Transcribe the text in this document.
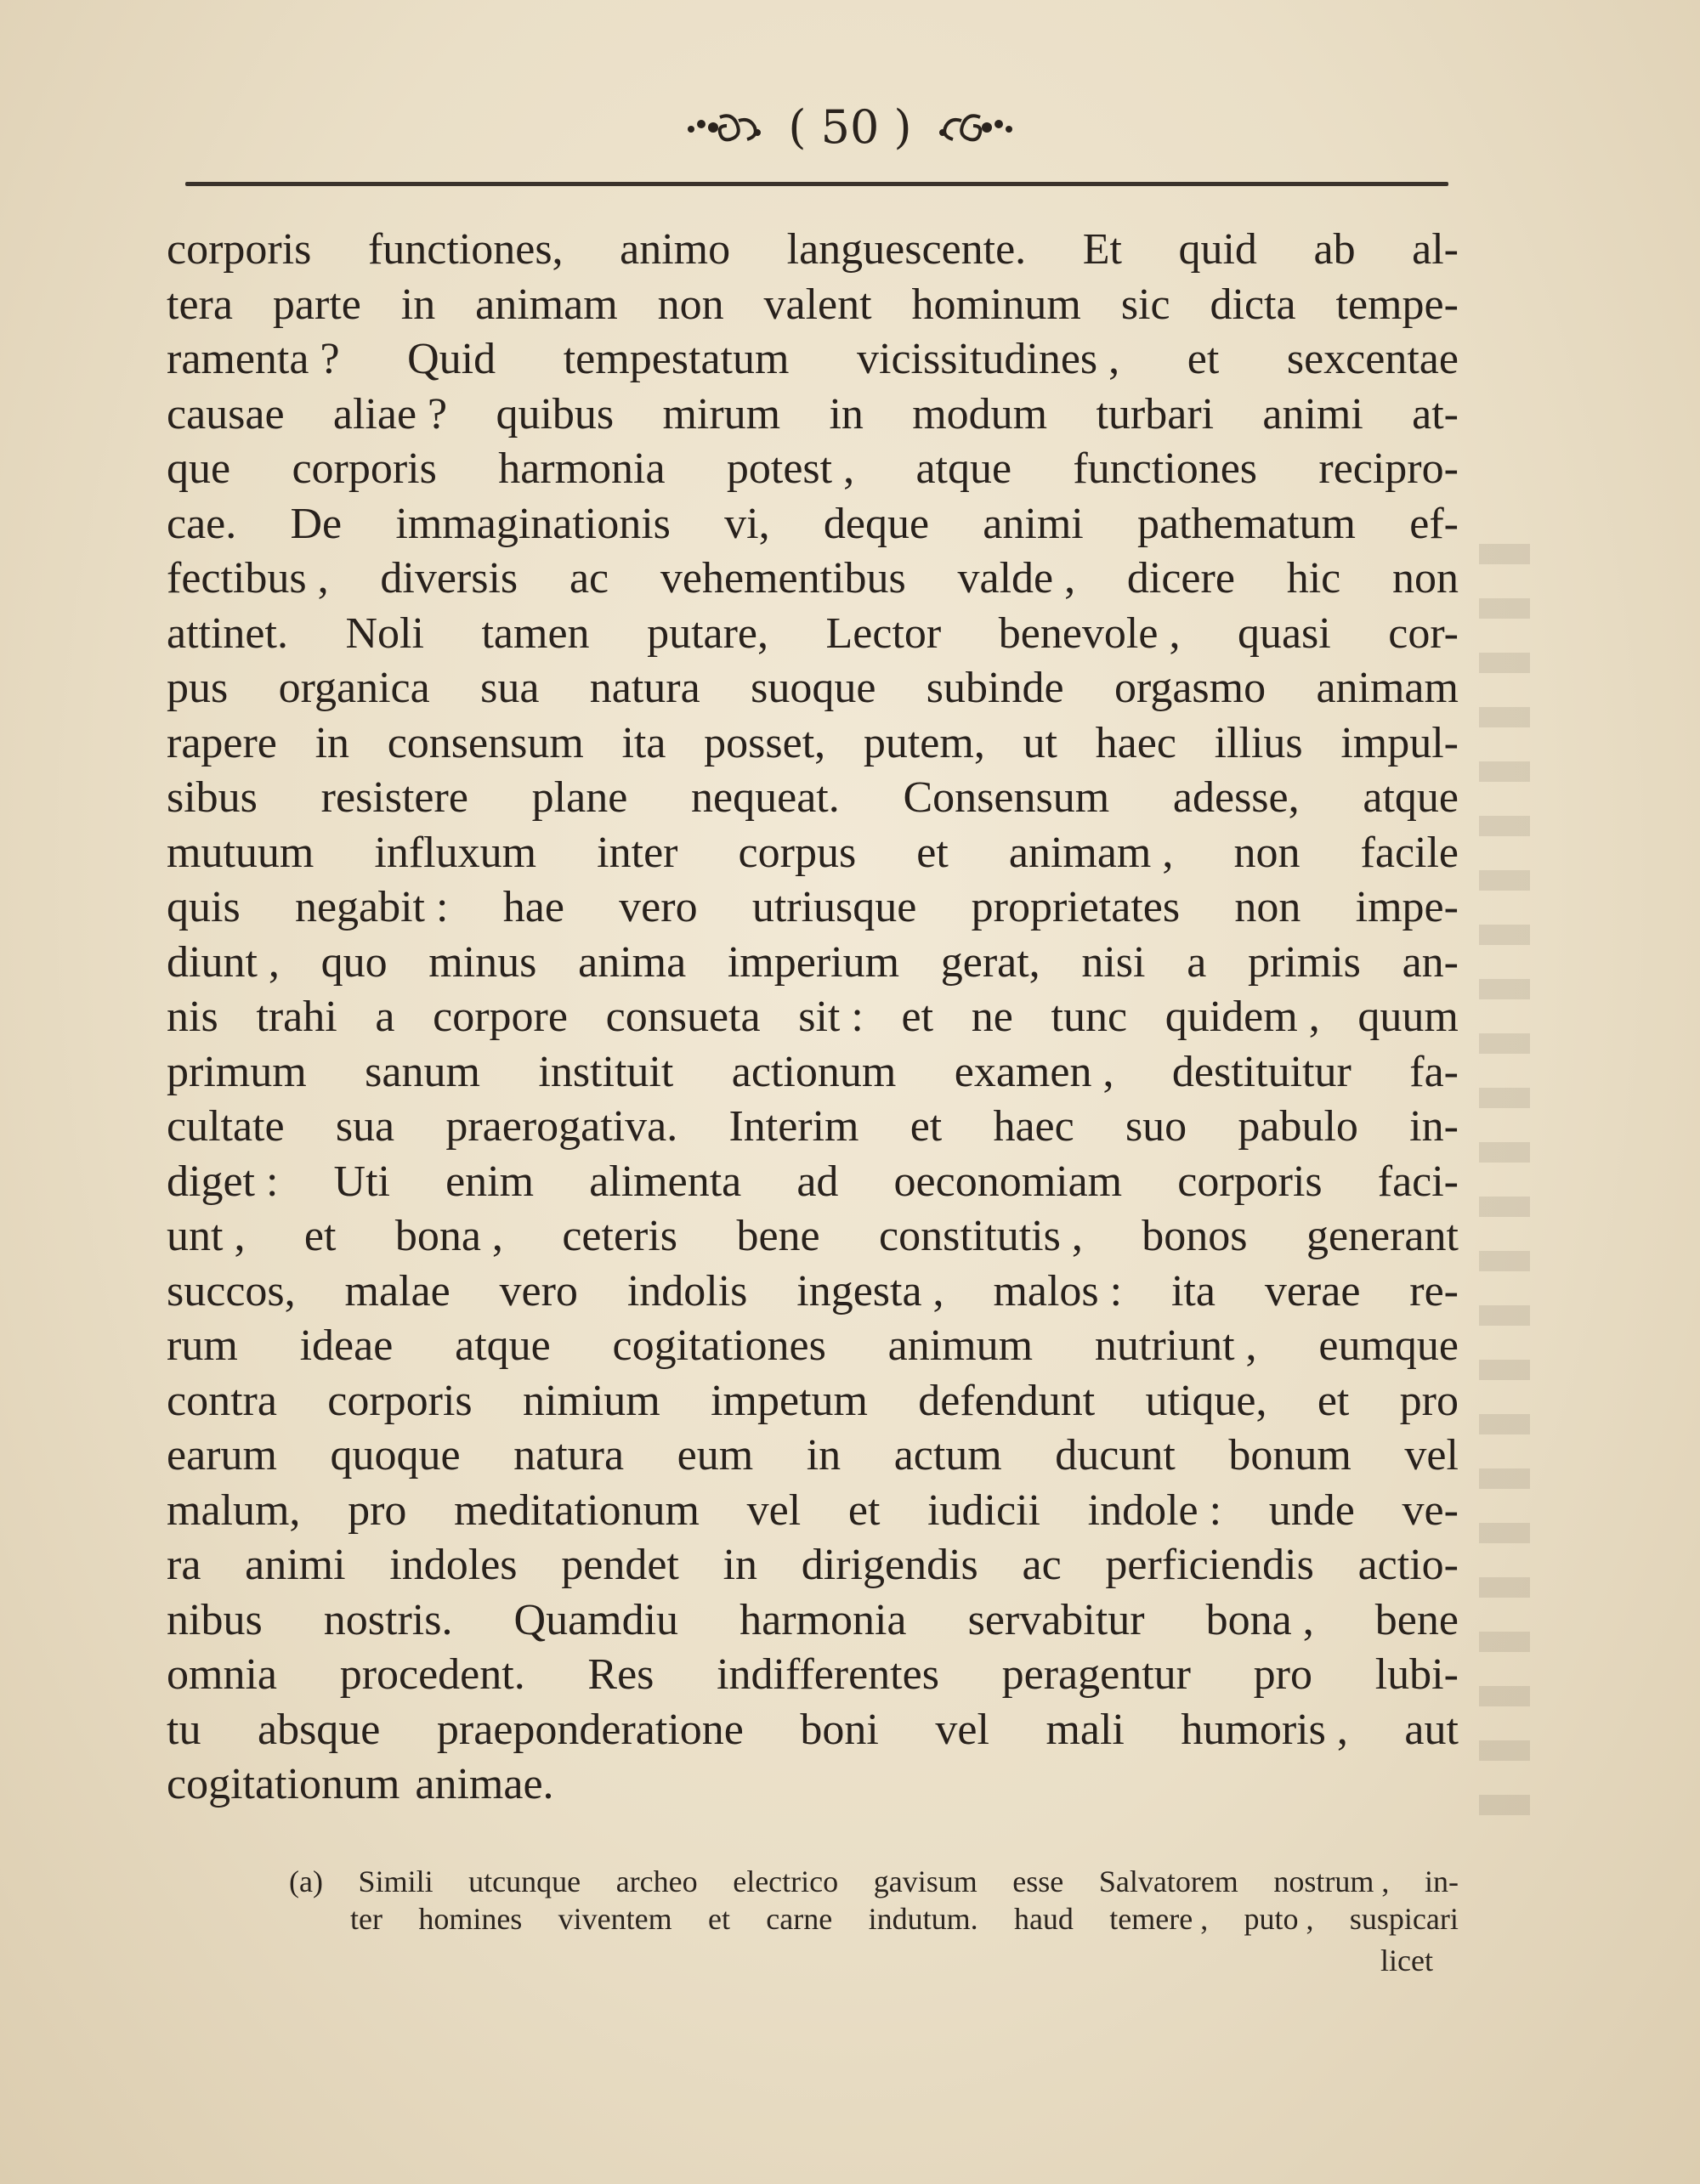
( 50 )
corporis functiones, animo languescente. Et quid ab al-
tera parte in animam non valent hominum sic dicta tempe-
ramenta ? Quid tempestatum vicissitudines , et sexcentae
causae aliae ? quibus mirum in modum turbari animi at-
que corporis harmonia potest , atque functiones recipro-
cae. De immaginationis vi, deque animi pathematum ef-
fectibus , diversis ac vehementibus valde , dicere hic non
attinet. Noli tamen putare, Lector benevole , quasi cor-
pus organica sua natura suoque subinde orgasmo animam
rapere in consensum ita posset, putem, ut haec illius impul-
sibus resistere plane nequeat. Consensum adesse, atque
mutuum influxum inter corpus et animam , non facile
quis negabit : hae vero utriusque proprietates non impe-
diunt , quo minus anima imperium gerat, nisi a primis an-
nis trahi a corpore consueta sit : et ne tunc quidem , quum
primum sanum instituit actionum examen , destituitur fa-
cultate sua praerogativa. Interim et haec suo pabulo in-
diget : Uti enim alimenta ad oeconomiam corporis faci-
unt , et bona , ceteris bene constitutis , bonos generant
succos, malae vero indolis ingesta , malos : ita verae re-
rum ideae atque cogitationes animum nutriunt , eumque
contra corporis nimium impetum defendunt utique, et pro
earum quoque natura eum in actum ducunt bonum vel
malum, pro meditationum vel et iudicii indole : unde ve-
ra animi indoles pendet in dirigendis ac perficiendis actio-
nibus nostris. Quamdiu harmonia servabitur bona , bene
omnia procedent. Res indifferentes peragentur pro lubi-
tu absque praeponderatione boni vel mali humoris , aut
cogitationum animae.
(a) Simili utcunque archeo electrico gavisum esse Salvatorem nostrum , in-
ter homines viventem et carne indutum. haud temere , puto , suspicari
licet
